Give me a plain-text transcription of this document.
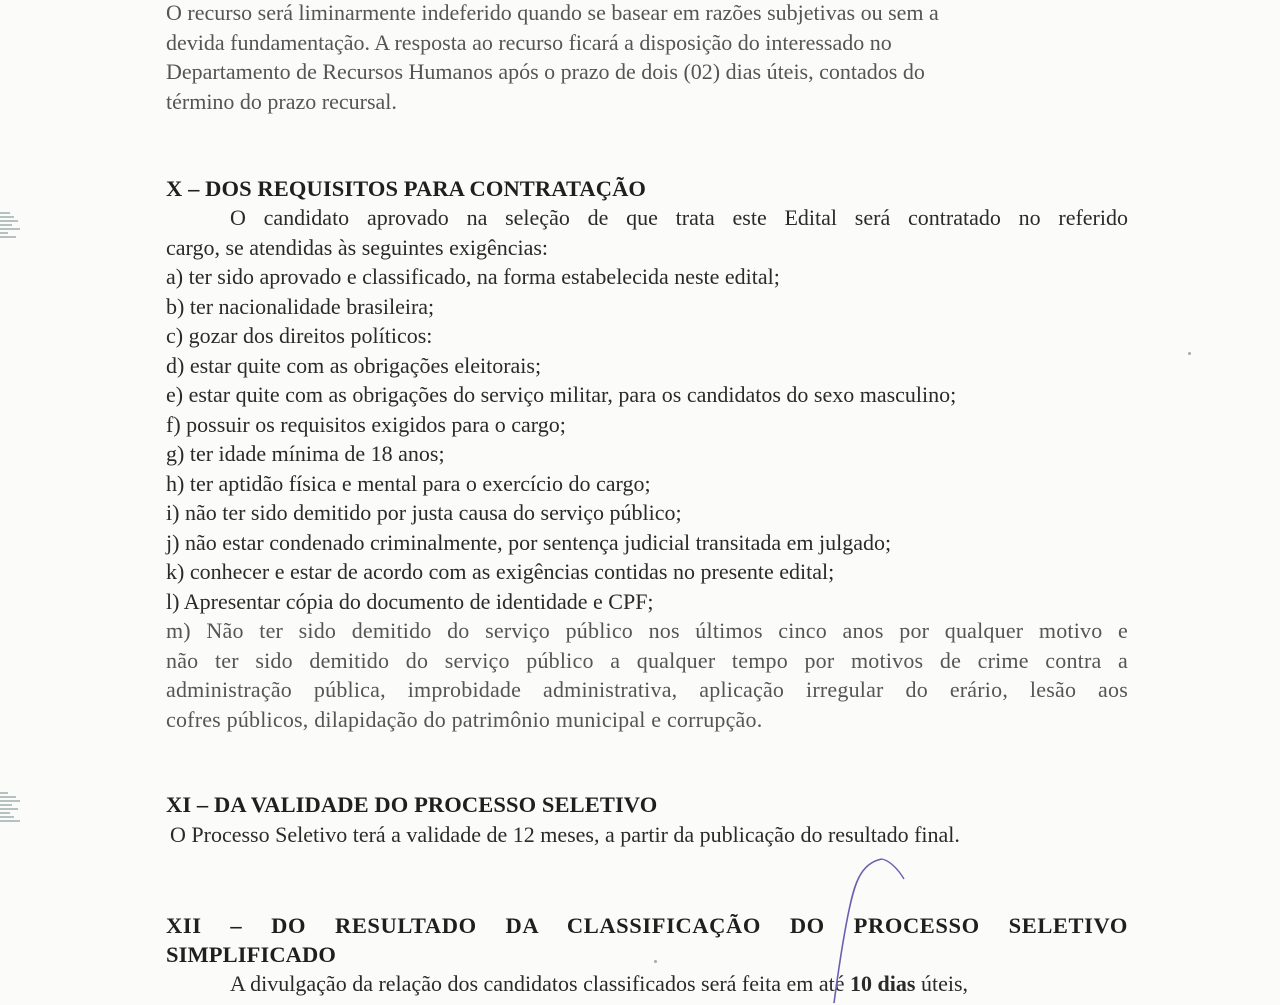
O recurso será liminarmente indeferido quando se basear em razões subjetivas ou sem a
devida fundamentação. A resposta ao recurso ficará a disposição do interessado no
Departamento de Recursos Humanos após o prazo de dois (02) dias úteis, contados do
término do prazo recursal.
X – DOS REQUISITOS PARA CONTRATAÇÃO
O candidato aprovado na seleção de que trata este Edital será contratado no referido
cargo, se atendidas às seguintes exigências:
a) ter sido aprovado e classificado, na forma estabelecida neste edital;
b) ter nacionalidade brasileira;
c) gozar dos direitos políticos:
d) estar quite com as obrigações eleitorais;
e) estar quite com as obrigações do serviço militar, para os candidatos do sexo masculino;
f) possuir os requisitos exigidos para o cargo;
g) ter idade mínima de 18 anos;
h) ter aptidão física e mental para o exercício do cargo;
i) não ter sido demitido por justa causa do serviço público;
j) não estar condenado criminalmente, por sentença judicial transitada em julgado;
k) conhecer e estar de acordo com as exigências contidas no presente edital;
l) Apresentar cópia do documento de identidade e CPF;
m) Não ter sido demitido do serviço público nos últimos cinco anos por qualquer motivo e
não ter sido demitido do serviço público a qualquer tempo por motivos de crime contra a
administração pública, improbidade administrativa, aplicação irregular do erário, lesão aos
cofres públicos, dilapidação do patrimônio municipal e corrupção.
XI – DA VALIDADE DO PROCESSO SELETIVO
O Processo Seletivo terá a validade de 12 meses, a partir da publicação do resultado final.
XII – DO RESULTADO DA CLASSIFICAÇÃO DO PROCESSO SELETIVO
SIMPLIFICADO
A divulgação da relação dos candidatos classificados será feita em até 10 dias úteis,
